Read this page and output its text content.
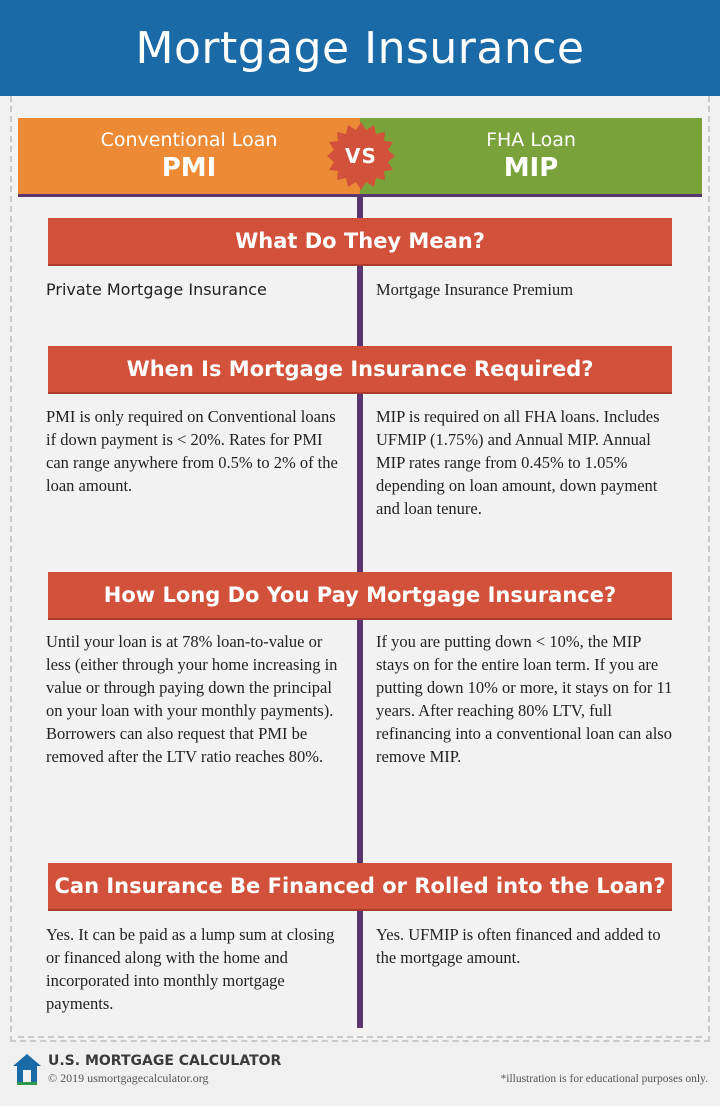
Mortgage Insurance
Conventional Loan
PMI
FHA Loan
MIP
VS
What Do They Mean?
Private Mortgage Insurance	Mortgage Insurance Premium
When Is Mortgage Insurance Required?
PMI is only required on Conventional loans if down payment is < 20%. Rates for PMI can range anywhere from 0.5% to 2% of the loan amount.
MIP is required on all FHA loans. Includes UFMIP (1.75%) and Annual MIP. Annual MIP rates range from 0.45% to 1.05% depending on loan amount, down payment and loan tenure.
How Long Do You Pay Mortgage Insurance?
Until your loan is at 78% loan-to-value or less (either through your home increasing in value or through paying down the principal on your loan with your monthly payments). Borrowers can also request that PMI be removed after the LTV ratio reaches 80%.
If you are putting down < 10%, the MIP stays on for the entire loan term. If you are putting down 10% or more, it stays on for 11 years. After reaching 80% LTV, full refinancing into a conventional loan can also remove MIP.
Can Insurance Be Financed or Rolled into the Loan?
Yes. It can be paid as a lump sum at closing or financed along with the home and incorporated into monthly mortgage payments.
Yes. UFMIP is often financed and added to the mortgage amount.
U.S. MORTGAGE CALCULATOR
© 2019 usmortgagecalculator.org	*illustration is for educational purposes only.
